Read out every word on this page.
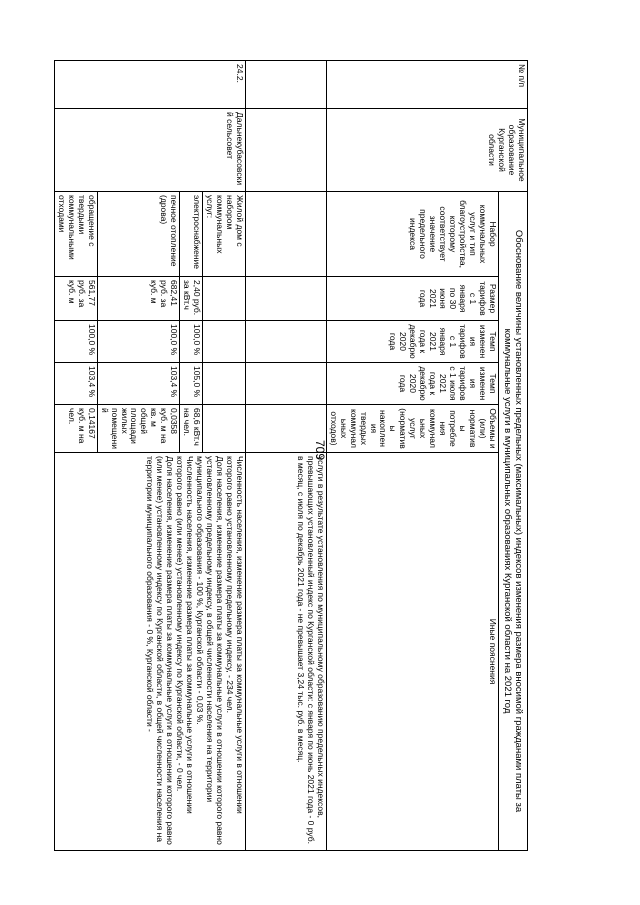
709
№ п/п	Муниципальное образование Курганской области	Обоснование величины установленных предельных (максимальных) индексов изменения размера вносимой гражданами платы за коммунальные услуги в муниципальных образованиях Курганской области на 2021 год					
		Набор коммунальных услуг и тип благоустройства, которому соответствует значение предельного индекса	Размер тарифов с 1 января по 30 июня 2021 года	Темп изменения тарифов с 1 января 2021 года к декабрю 2020 года	Темп изменения тарифов с 1 июля 2021 года к декабрю 2020 года	Объемы и (или) нормативы потребления коммунальных услуг (нормативы накопления твердых коммунальных отходов)	Иные пояснения
							услуги в результате установления по муниципальному образованию предельных индексов, превышающих установленный индекс по Курганской области: с января по июнь 2021 года - 0 руб. в месяц, с июля по декабрь 2021 года - не превышает 3,24 тыс. руб. в месяц.
24.2.	Дальнекубасовский сельсовет	Жилой дом с набором коммунальных услуг:					Численность населения, изменение размера платы за коммунальные услуги в отношении которого равно установленному предельному индексу, - 234 чел.
Доля населения, изменение размера платы за коммунальные услуги в отношении которого равно установленному предельному индексу, в общей численности населения на территории муниципального образования - 100 %, Курганской области - 0,03 %.
Численность населения, изменение размера платы за коммунальные услуги в отношении которого равно (или менее) установленному индексу по Курганской области, - 0 чел.
Доля населения, изменение размера платы за коммунальные услуги в отношении которого равно (или менее) установленному индексу по Курганской области, в общей численности населения на территории муниципального образования - 0 %, Курганской области -

		электроснабжение	2,40 руб. за кВт.ч	100,0 %	105,0 %	68,6 кВт.ч на чел.	
		печное отопление (дрова)	682,41 руб. за куб. м	100,0 %	103,4 %	0,0358 куб. м на кв. м общей площади жилых помещений	
		обращение с твердыми коммунальными отходами	561,77 руб. за куб. м	100,0 %	103,4 %	0,14167 куб. м на чел.	
